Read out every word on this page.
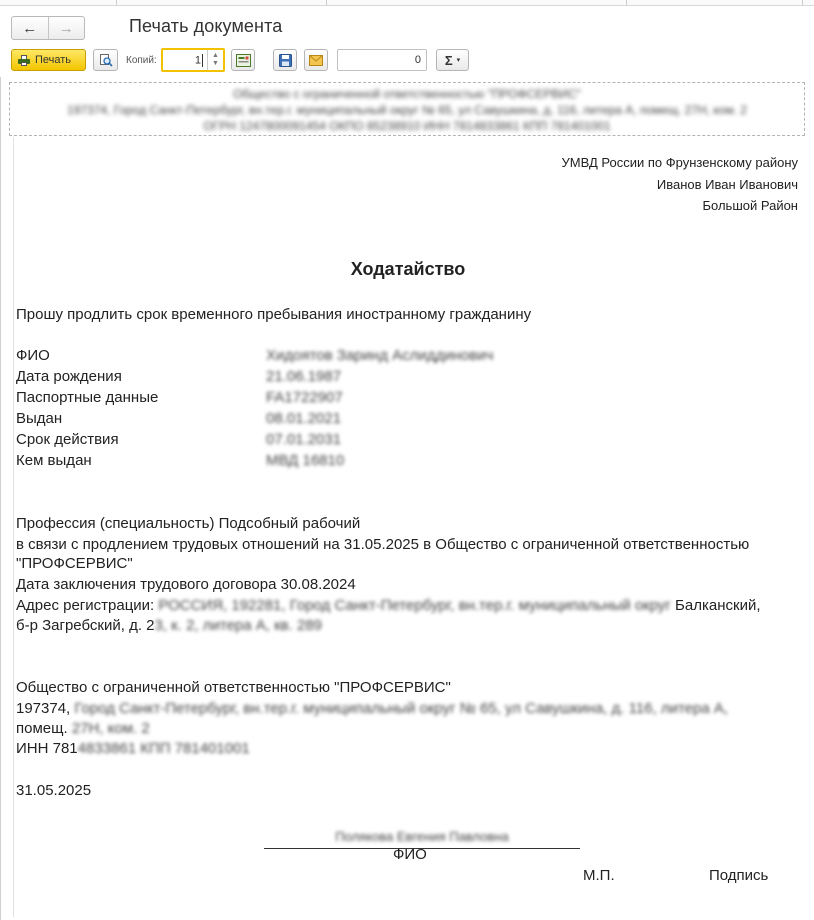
← →	Печать документа
Печать	Копий:	1	▲
▼	0	Σ ▾
Общество с ограниченной ответственностью "ПРОФСЕРВИС"
197374, Город Санкт-Петербург, вн.тер.г. муниципальный округ № 65, ул Савушкина, д. 116, литера А, помещ. 27Н, ком. 2
ОГРН 1247800091454 ОКПО 85238910 ИНН 7814833861 КПП 781401001
УМВД России по Фрунзенскому району
Иванов Иван Иванович
Большой Район
Ходатайство
Прошу продлить срок временного пребывания иностранному гражданину
ФИО	Хидоятов Заринд Аслиддинович
Дата рождения	21.06.1987
Паспортные данные	FA1722907
Выдан	08.01.2021
Срок действия	07.01.2031
Кем выдан	МВД 16810
Профессия (специальность) Подсобный рабочий
в связи с продлением трудовых отношений на 31.05.2025 в Общество с ограниченной ответственностью
"ПРОФСЕРВИС"
Дата заключения трудового договора 30.08.2024
Адрес регистрации: РОССИЯ, 192281, Город Санкт-Петербург, вн.тер.г. муниципальный округ Балканский,
б-р Загребский, д. 23, к. 2, литера А, кв. 289
Общество с ограниченной ответственностью "ПРОФСЕРВИС"
197374, Город Санкт-Петербург, вн.тер.г. муниципальный округ № 65, ул Савушкина, д. 116, литера А,
помещ. 27Н, ком. 2
ИНН 7814833861 КПП 781401001
31.05.2025
Полякова Евгения Павловна
ФИО
М.П.	Подпись
